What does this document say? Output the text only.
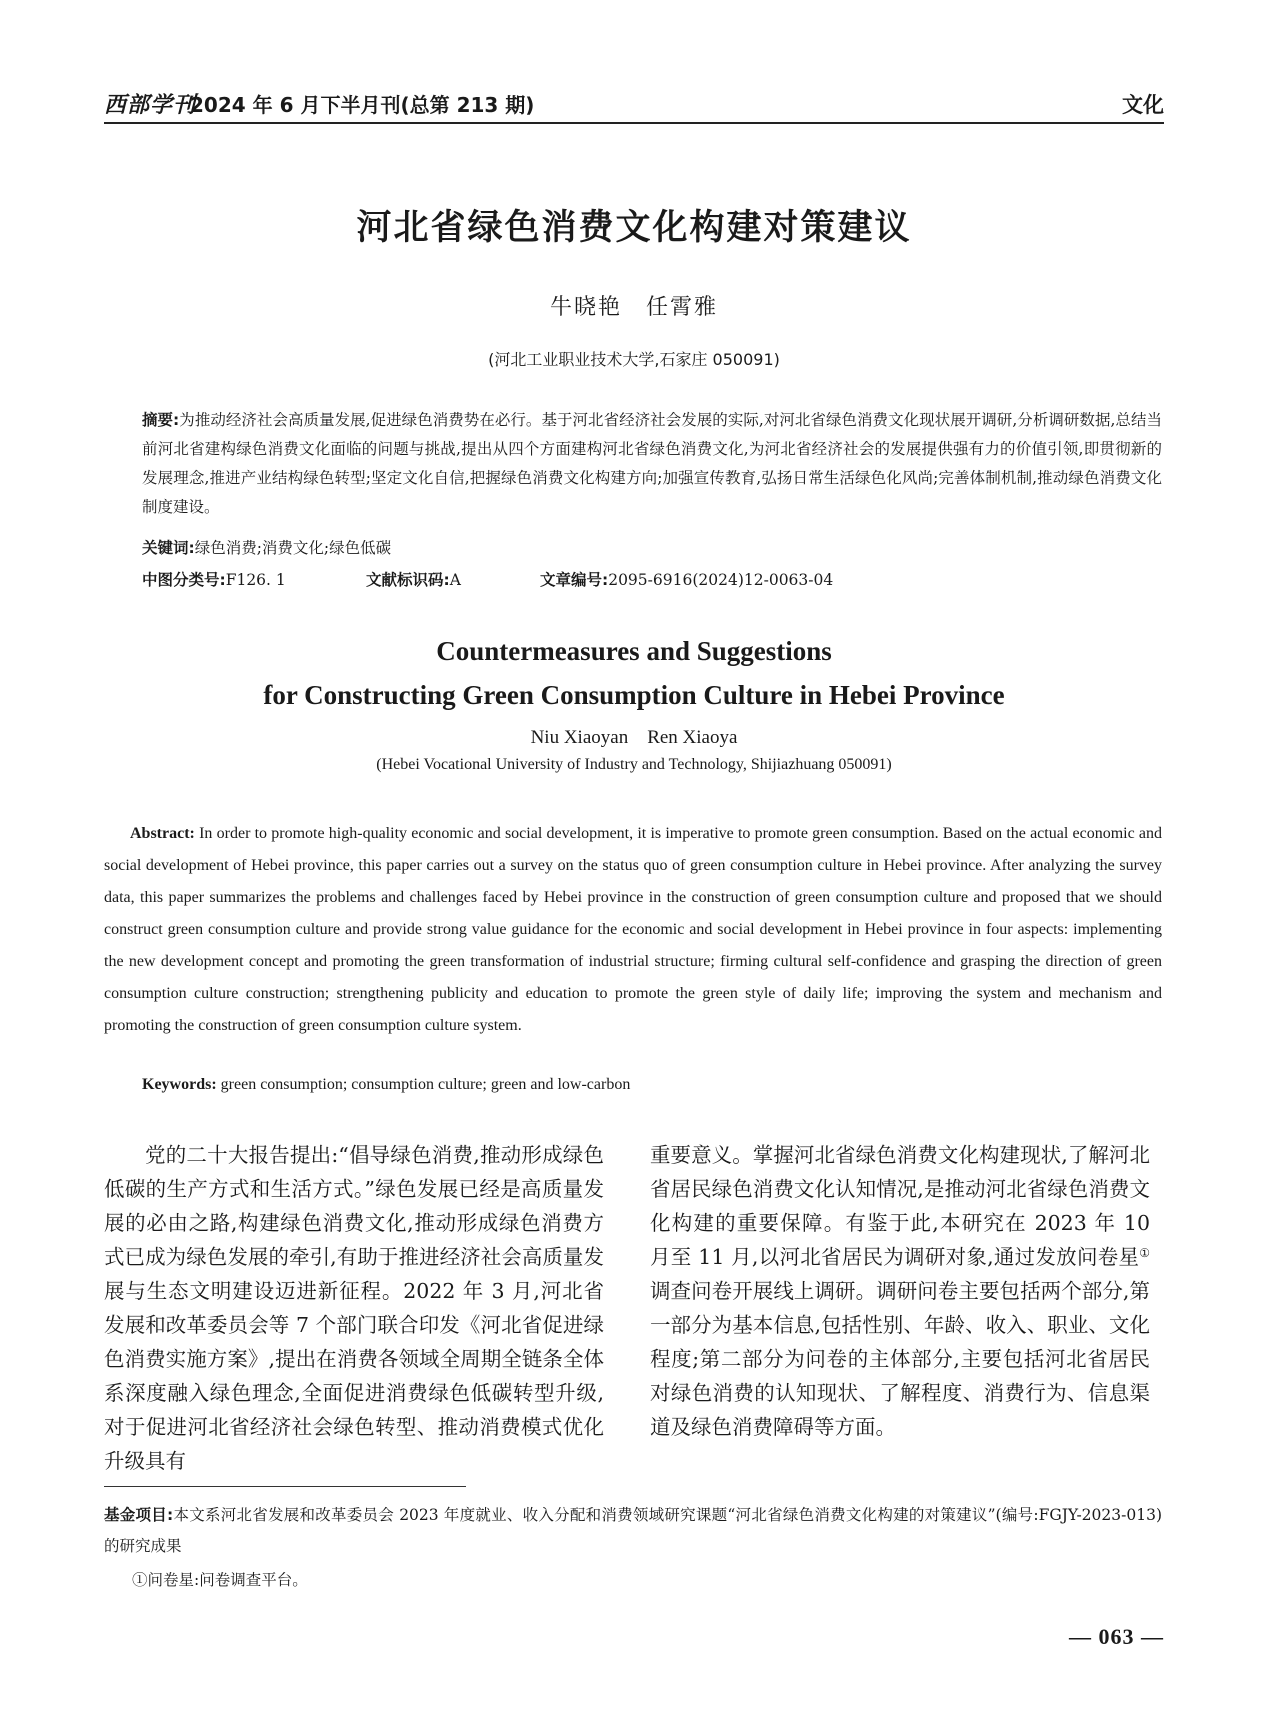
西部学刊
2024 年 6 月下半月刊(总第 213 期)	文化
河北省绿色消费文化构建对策建议
牛晓艳　任霄雅
(河北工业职业技术大学,石家庄 050091)
摘要:为推动经济社会高质量发展,促进绿色消费势在必行。基于河北省经济社会发展的实际,对河北省绿色消费文化现状展开调研,分析调研数据,总结当前河北省建构绿色消费文化面临的问题与挑战,提出从四个方面建构河北省绿色消费文化,为河北省经济社会的发展提供强有力的价值引领,即贯彻新的发展理念,推进产业结构绿色转型;坚定文化自信,把握绿色消费文化构建方向;加强宣传教育,弘扬日常生活绿色化风尚;完善体制机制,推动绿色消费文化制度建设。
关键词:绿色消费;消费文化;绿色低碳
中图分类号:F126. 1	文献标识码:A	文章编号:2095-6916(2024)12-0063-04
Countermeasures and Suggestions
for Constructing Green Consumption Culture in Hebei Province
Niu Xiaoyan　Ren Xiaoya
(Hebei Vocational University of Industry and Technology, Shijiazhuang 050091)
Abstract: In order to promote high-quality economic and social development, it is imperative to promote green consumption. Based on the actual economic and social development of Hebei province, this paper carries out a survey on the status quo of green consumption culture in Hebei province. After analyzing the survey data, this paper summarizes the problems and challenges faced by Hebei province in the construction of green consumption culture and proposed that we should construct green consumption culture and provide strong value guidance for the economic and social development in Hebei province in four aspects: implementing the new development concept and promoting the green transformation of industrial structure; firming cultural self-confidence and grasping the direction of green consumption culture construction; strengthening publicity and education to promote the green style of daily life; improving the system and mechanism and promoting the construction of green consumption culture system.
Keywords: green consumption; consumption culture; green and low-carbon
党的二十大报告提出:“倡导绿色消费,推动形成绿色低碳的生产方式和生活方式。”绿色发展已经是高质量发展的必由之路,构建绿色消费文化,推动形成绿色消费方式已成为绿色发展的牵引,有助于推进经济社会高质量发展与生态文明建设迈进新征程。2022 年 3 月,河北省发展和改革委员会等 7 个部门联合印发《河北省促进绿色消费实施方案》,提出在消费各领域全周期全链条全体系深度融入绿色理念,全面促进消费绿色低碳转型升级,对于促进河北省经济社会绿色转型、推动消费模式优化升级具有
重要意义。掌握河北省绿色消费文化构建现状,了解河北省居民绿色消费文化认知情况,是推动河北省绿色消费文化构建的重要保障。有鉴于此,本研究在 2023 年 10 月至 11 月,以河北省居民为调研对象,通过发放问卷星①调查问卷开展线上调研。调研问卷主要包括两个部分,第一部分为基本信息,包括性别、年龄、收入、职业、文化程度;第二部分为问卷的主体部分,主要包括河北省居民对绿色消费的认知现状、了解程度、消费行为、信息渠道及绿色消费障碍等方面。
基金项目:本文系河北省发展和改革委员会 2023 年度就业、收入分配和消费领域研究课题“河北省绿色消费文化构建的对策建议”(编号:FGJY-2023-013)的研究成果
①问卷星:问卷调查平台。
— 063 —
